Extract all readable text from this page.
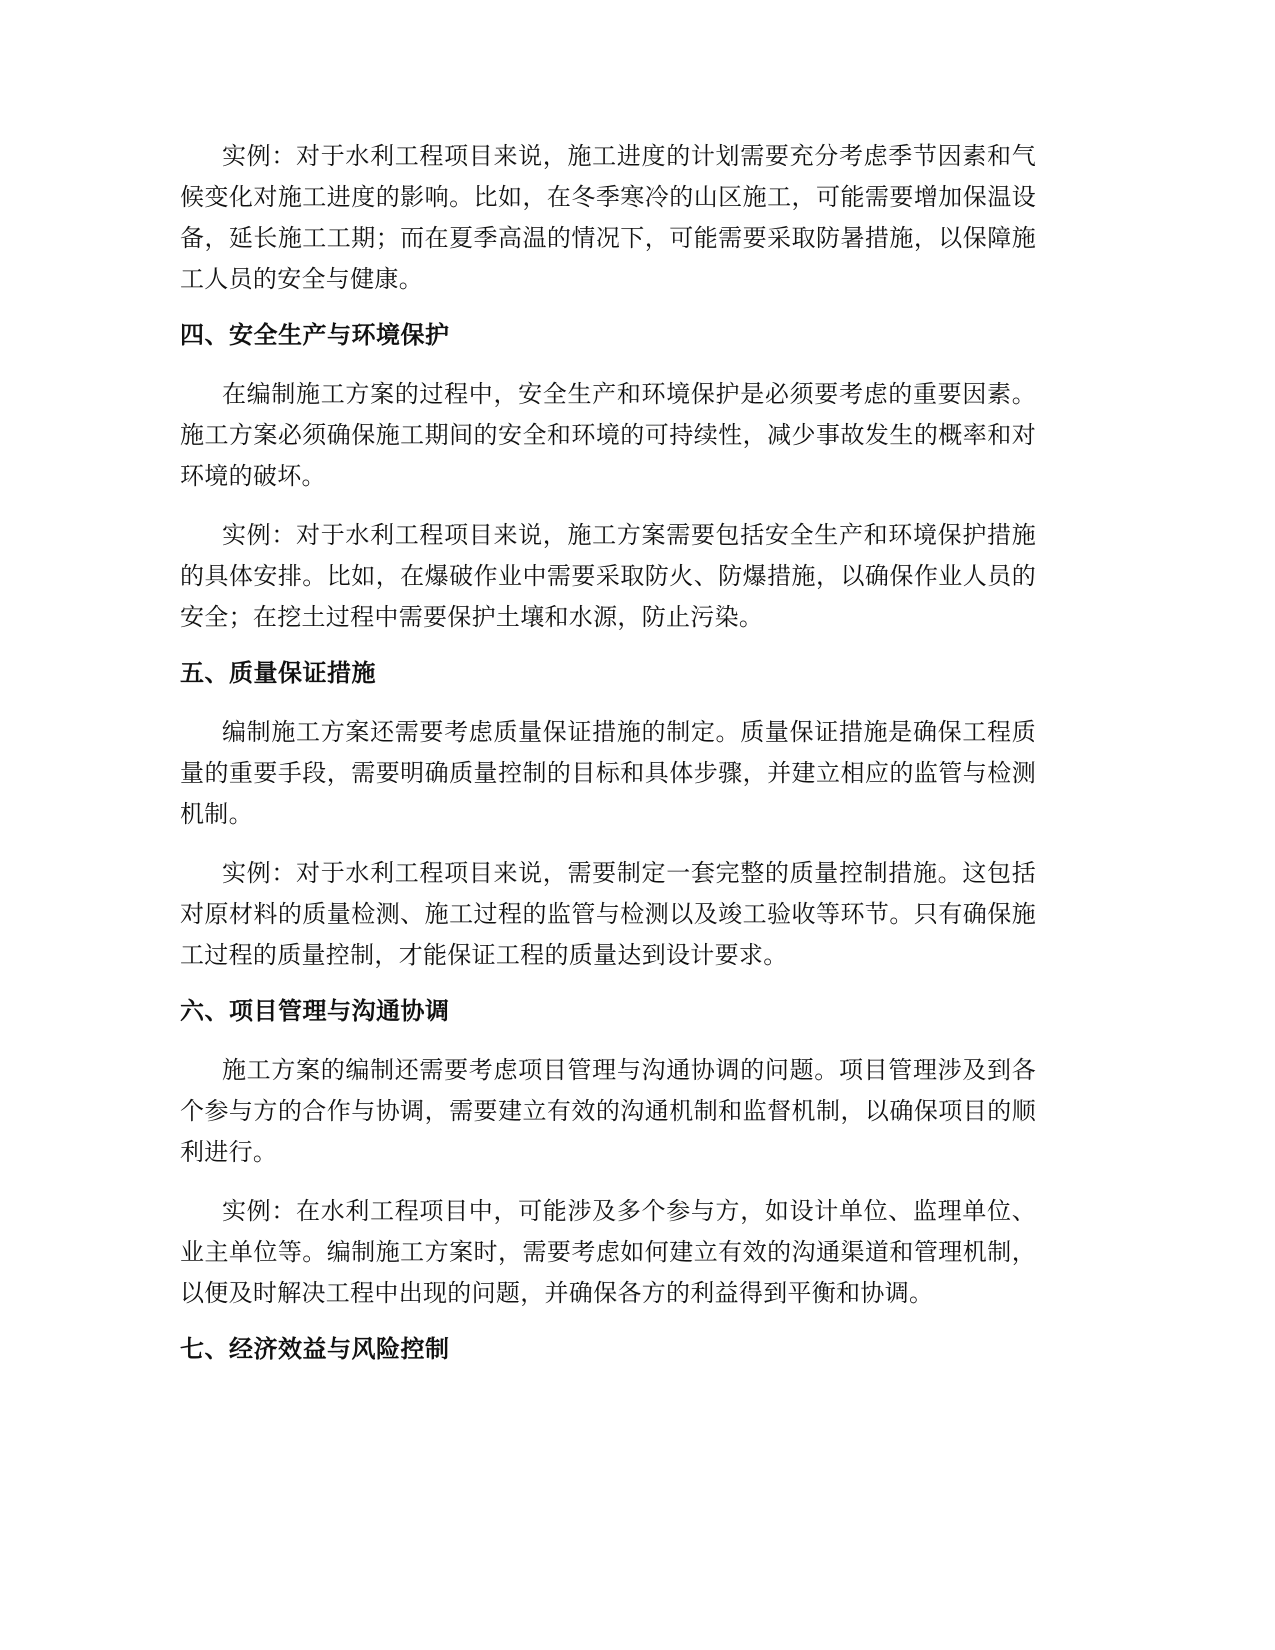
实例：对于水利工程项目来说，施工进度的计划需要充分考虑季节因素和气候变化对施工进度的影响。比如，在冬季寒冷的山区施工，可能需要增加保温设备，延长施工工期；而在夏季高温的情况下，可能需要采取防暑措施，以保障施工人员的安全与健康。

四、安全生产与环境保护

在编制施工方案的过程中，安全生产和环境保护是必须要考虑的重要因素。施工方案必须确保施工期间的安全和环境的可持续性，减少事故发生的概率和对环境的破坏。

实例：对于水利工程项目来说，施工方案需要包括安全生产和环境保护措施的具体安排。比如，在爆破作业中需要采取防火、防爆措施，以确保作业人员的安全；在挖土过程中需要保护土壤和水源，防止污染。

五、质量保证措施

编制施工方案还需要考虑质量保证措施的制定。质量保证措施是确保工程质量的重要手段，需要明确质量控制的目标和具体步骤，并建立相应的监管与检测机制。

实例：对于水利工程项目来说，需要制定一套完整的质量控制措施。这包括对原材料的质量检测、施工过程的监管与检测以及竣工验收等环节。只有确保施工过程的质量控制，才能保证工程的质量达到设计要求。

六、项目管理与沟通协调

施工方案的编制还需要考虑项目管理与沟通协调的问题。项目管理涉及到各个参与方的合作与协调，需要建立有效的沟通机制和监督机制，以确保项目的顺利进行。

实例：在水利工程项目中，可能涉及多个参与方，如设计单位、监理单位、业主单位等。编制施工方案时，需要考虑如何建立有效的沟通渠道和管理机制，以便及时解决工程中出现的问题，并确保各方的利益得到平衡和协调。

七、经济效益与风险控制
